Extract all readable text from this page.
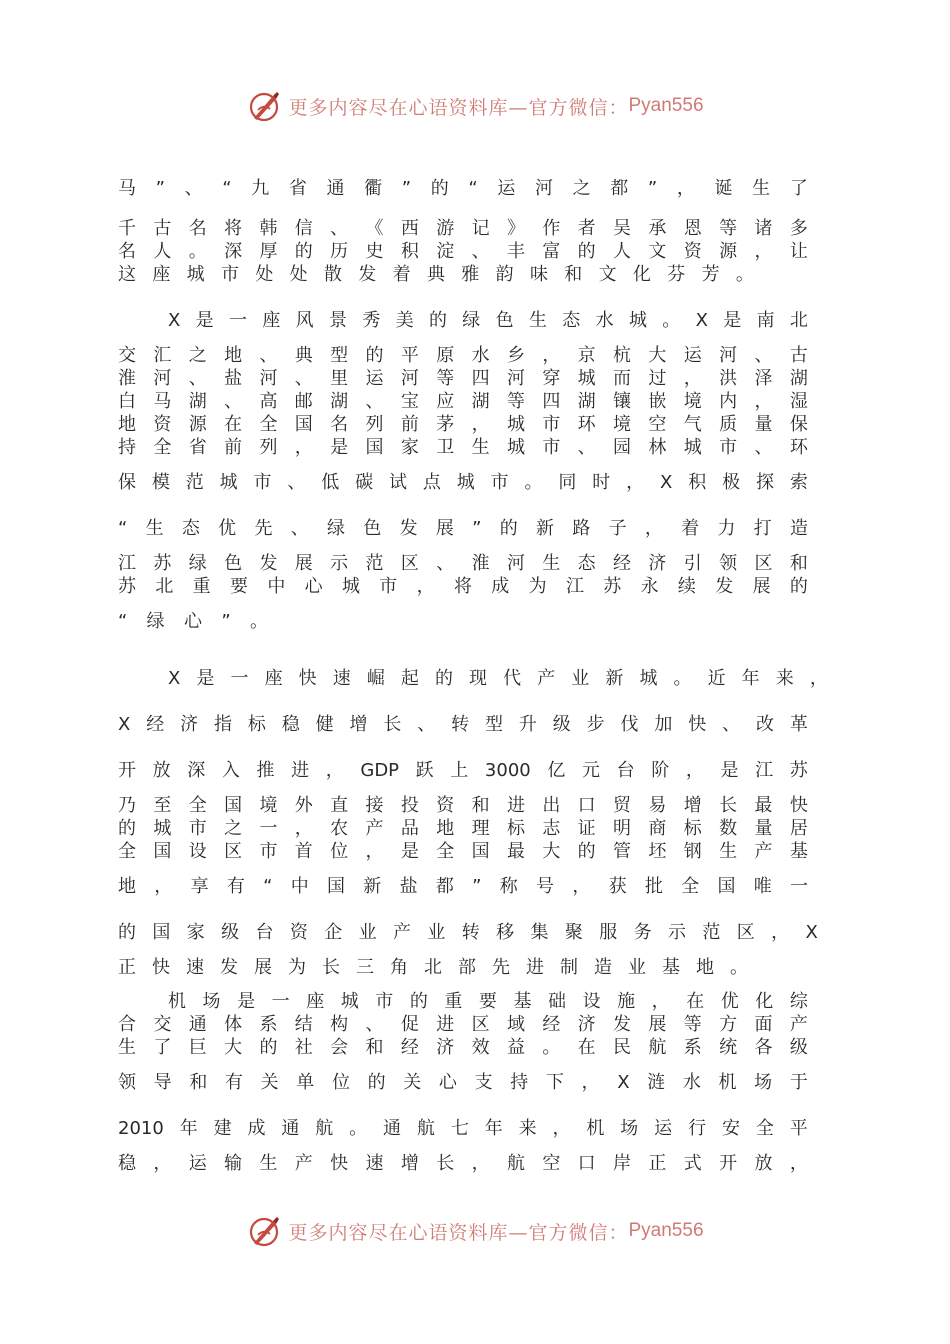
更多内容尽在心语资料库—官方微信： Pyan556
马 ” 、 “ 九 省 通 衢 ” 的 “ 运 河 之 都 ” ， 诞 生 了
千 古 名 将 韩 信 、 《 西 游 记 》 作 者 吴 承 恩 等 诸 多
名 人 。 深 厚 的 历 史 积 淀 、 丰 富 的 人 文 资 源 ， 让
这 座 城 市 处 处 散 发 着 典 雅 韵 味 和 文 化 芬 芳 。
X 是 一 座 风 景 秀 美 的 绿 色 生 态 水 城 。 X 是 南 北
交 汇 之 地 、 典 型 的 平 原 水 乡 ， 京 杭 大 运 河 、 古
淮 河 、 盐 河 、 里 运 河 等 四 河 穿 城 而 过 ， 洪 泽 湖
白 马 湖 、 高 邮 湖 、 宝 应 湖 等 四 湖 镶 嵌 境 内 ， 湿
地 资 源 在 全 国 名 列 前 茅 ， 城 市 环 境 空 气 质 量 保
持 全 省 前 列 ， 是 国 家 卫 生 城 市 、 园 林 城 市 、 环
保 模 范 城 市 、 低 碳 试 点 城 市 。 同 时 ， X 积 极 探 索
“ 生 态 优 先 、 绿 色 发 展 ” 的 新 路 子 ， 着 力 打 造
江 苏 绿 色 发 展 示 范 区 、 淮 河 生 态 经 济 引 领 区 和
苏 北 重 要 中 心 城 市 ， 将 成 为 江 苏 永 续 发 展 的
“ 绿 心 ” 。
X 是 一 座 快 速 崛 起 的 现 代 产 业 新 城 。 近 年 来 ，
X 经 济 指 标 稳 健 增 长 、 转 型 升 级 步 伐 加 快 、 改 革
开 放 深 入 推 进 ， GDP 跃 上 3000 亿 元 台 阶 ， 是 江 苏
乃 至 全 国 境 外 直 接 投 资 和 进 出 口 贸 易 增 长 最 快
的 城 市 之 一 ， 农 产 品 地 理 标 志 证 明 商 标 数 量 居
全 国 设 区 市 首 位 ， 是 全 国 最 大 的 管 坯 钢 生 产 基
地 ， 享 有 “ 中 国 新 盐 都 ” 称 号 ， 获 批 全 国 唯 一
的 国 家 级 台 资 企 业 产 业 转 移 集 聚 服 务 示 范 区 ， X
正 快 速 发 展 为 长 三 角 北 部 先 进 制 造 业 基 地 。
机 场 是 一 座 城 市 的 重 要 基 础 设 施 ， 在 优 化 综
合 交 通 体 系 结 构 、 促 进 区 域 经 济 发 展 等 方 面 产
生 了 巨 大 的 社 会 和 经 济 效 益 。 在 民 航 系 统 各 级
领 导 和 有 关 单 位 的 关 心 支 持 下 ， X 涟 水 机 场 于
2010 年 建 成 通 航 。 通 航 七 年 来 ， 机 场 运 行 安 全 平
稳 ， 运 输 生 产 快 速 增 长 ， 航 空 口 岸 正 式 开 放 ，
更多内容尽在心语资料库—官方微信： Pyan556
